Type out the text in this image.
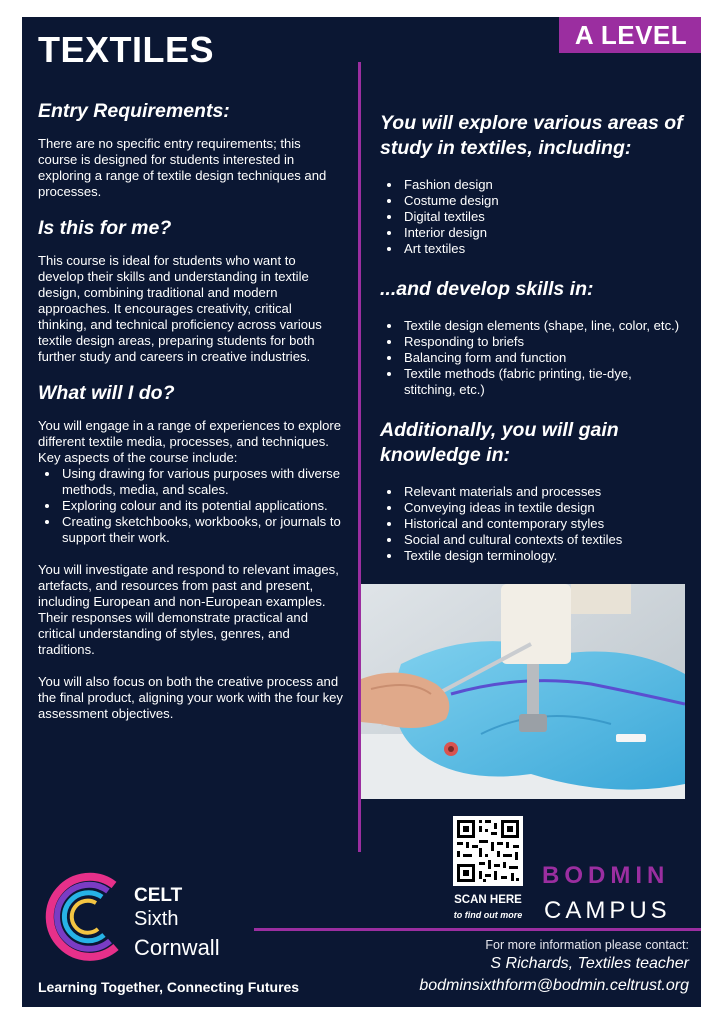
A LEVEL
TEXTILES
Entry Requirements:

There are no specific entry requirements; this course is designed for students interested in exploring a range of textile design techniques and processes.

Is this for me?

This course is ideal for students who want to develop their skills and understanding in textile design, combining traditional and modern approaches. It encourages creativity, critical thinking, and technical proficiency across various textile design areas, preparing students for both further study and careers in creative industries.

What will I do?

You will engage in a range of experiences to explore different textile media, processes, and techniques. Key aspects of the course include:

• Using drawing for various purposes with diverse methods, media, and scales.
• Exploring colour and its potential applications.
• Creating sketchbooks, workbooks, or journals to support their work.

You will investigate and respond to relevant images, artefacts, and resources from past and present, including European and non-European examples. Their responses will demonstrate practical and critical understanding of styles, genres, and traditions.

You will also focus on both the creative process and the final product, aligning your work with the four key assessment objectives.

You will explore various areas of study in textiles, including:
• Fashion design
• Costume design
• Digital textiles
• Interior design
• Art textiles
...and develop skills in:
• Textile design elements (shape, line, color, etc.)
• Responding to briefs
• Balancing form and function
• Textile methods (fabric printing, tie-dye, stitching, etc.)
Additionally, you will gain knowledge in:
• Relevant materials and processes
• Conveying ideas in textile design
• Historical and contemporary styles
• Social and cultural contexts of textiles
• Textile design terminology.
SCAN HERE
to find out more
BODMIN
CAMPUS
For more information please contact:
S Richards, Textiles teacher
bodminsixthform@bodmin.celtrust.org
CELT
Sixth
Cornwall
Learning Together, Connecting Futures
